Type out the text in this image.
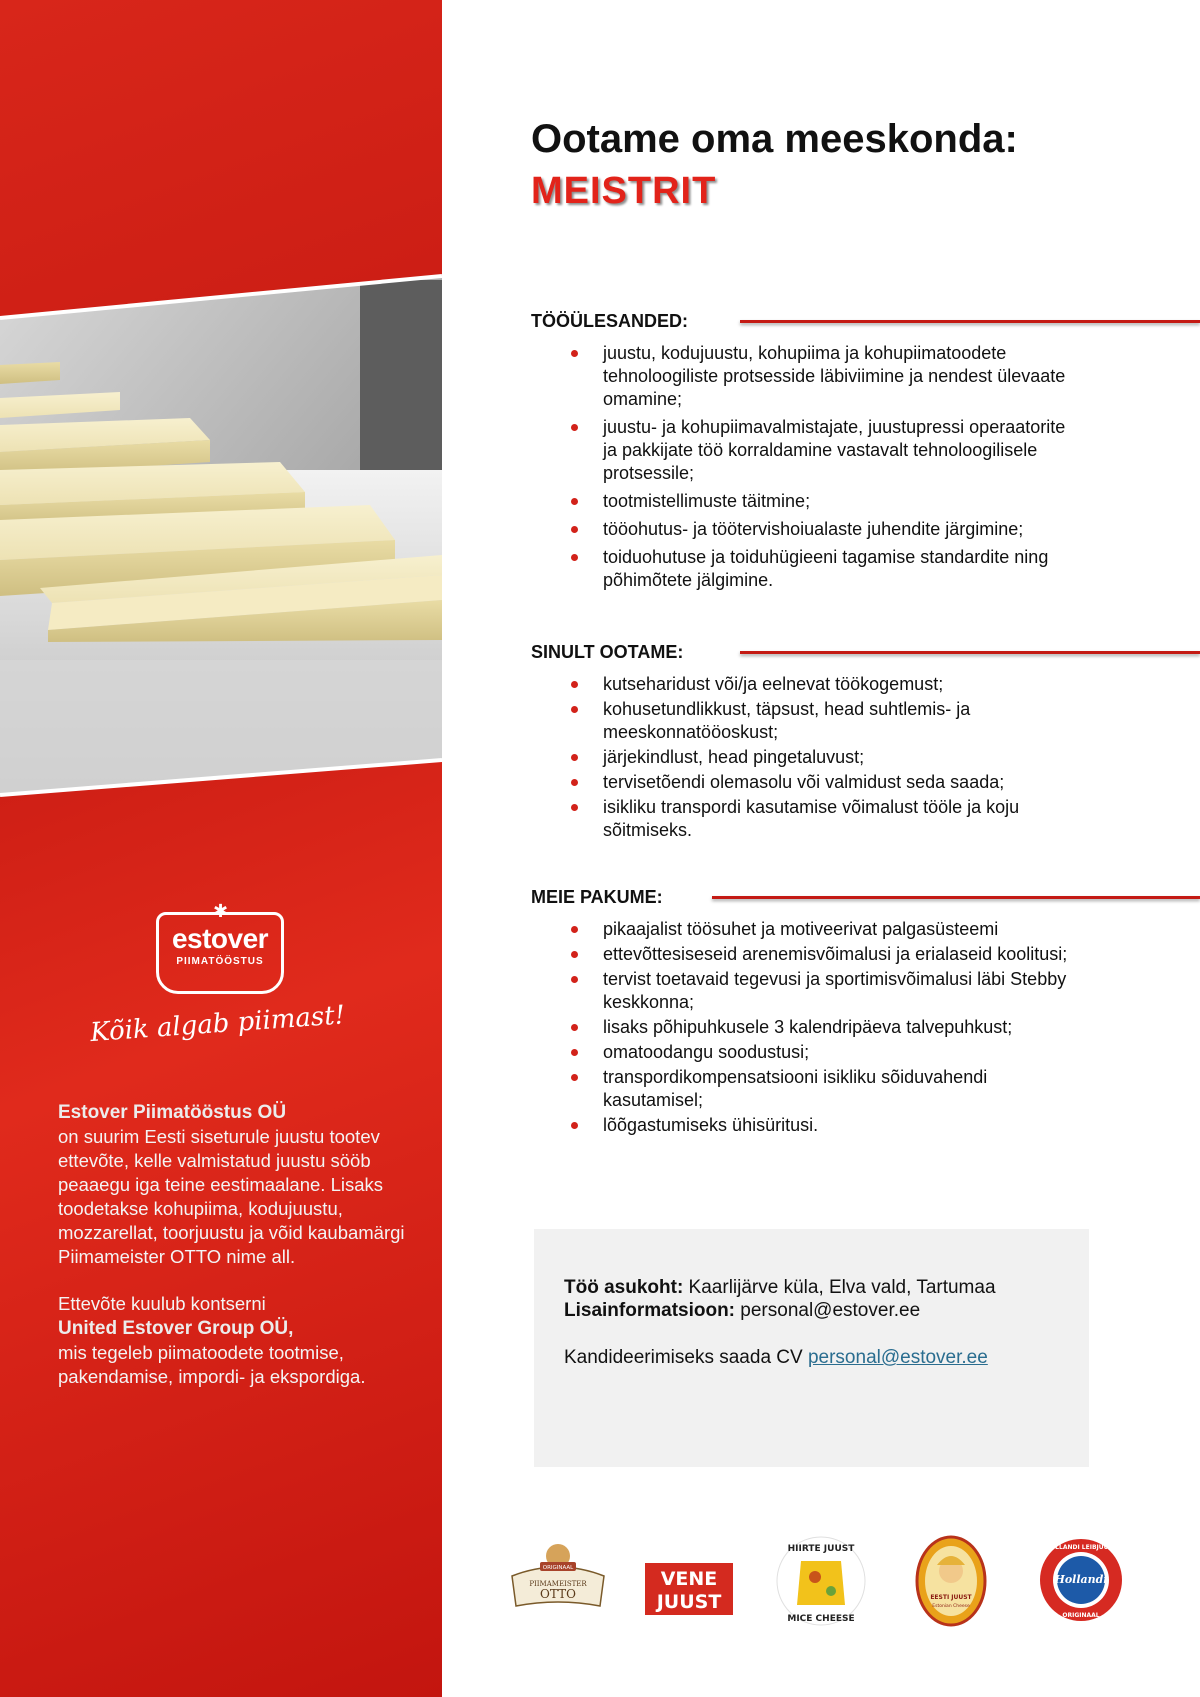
✱
estover
PIIMATÖÖSTUS
Kõik algab piimast!

Estover Piimatööstus OÜ
on suurim Eesti siseturule juustu tootev ettevõte, kelle valmistatud juustu sööb peaaegu iga teine eestimaalane. Lisaks toodetakse kohupiima, kodujuustu, mozzarellat, toorjuustu ja võid kaubamärgi Piimameister OTTO nime all.

Ettevõte kuulub kontserni
United Estover Group OÜ,
mis tegeleb piimatoodete tootmise, pakendamise, impordi- ja ekspordiga.

Ootame oma meeskonda:
MEISTRIT
TÖÖÜLESANDED:
juustu, kodujuustu, kohupiima ja kohupiimatoodete tehnoloogiliste protsesside läbiviimine ja nendest ülevaate omamine;
juustu- ja kohupiimavalmistajate, juustupressi operaatorite ja pakkijate töö korraldamine vastavalt tehnoloogilisele protsessile;
tootmistellimuste täitmine;
tööohutus- ja töötervishoiualaste juhendite järgimine;
toiduohutuse ja toiduhügieeni tagamise standardite ning põhimõtete jälgimine.
SINULT OOTAME:
kutseharidust või/ja eelnevat töökogemust;
kohusetundlikkust, täpsust, head suhtlemis- ja meeskonnatööoskust;
järjekindlust, head pingetaluvust;
tervisetõendi olemasolu või valmidust seda saada;
isikliku transpordi kasutamise võimalust tööle ja koju sõitmiseks.
MEIE PAKUME:
pikaajalist töösuhet ja motiveerivat palgasüsteemi
ettevõttesiseseid arenemisvõimalusi ja erialaseid koolitusi;
tervist toetavaid tegevusi ja sportimisvõimalusi läbi Stebby keskkonna;
lisaks põhipuhkusele 3 kalendripäeva talvepuhkust;
omatoodangu soodustusi;
transpordikompensatsiooni isikliku sõiduvahendi kasutamisel;
lõõgastumiseks ühisüritusi.
Töö asukoht: Kaarlijärve küla, Elva vald, Tartumaa
Lisainformatsioon: personal@estover.ee
Kandideerimiseks saada CV personal@estover.ee
ORIGINAAL
PIIMAMEISTER
OTTO
VENE
JUUST
HIIRTE JUUST
MICE CHEESE
EESTI JUUST
Estonian Cheese
HOLLANDI LEIBJUUST
Hollandi
ORIGINAAL
